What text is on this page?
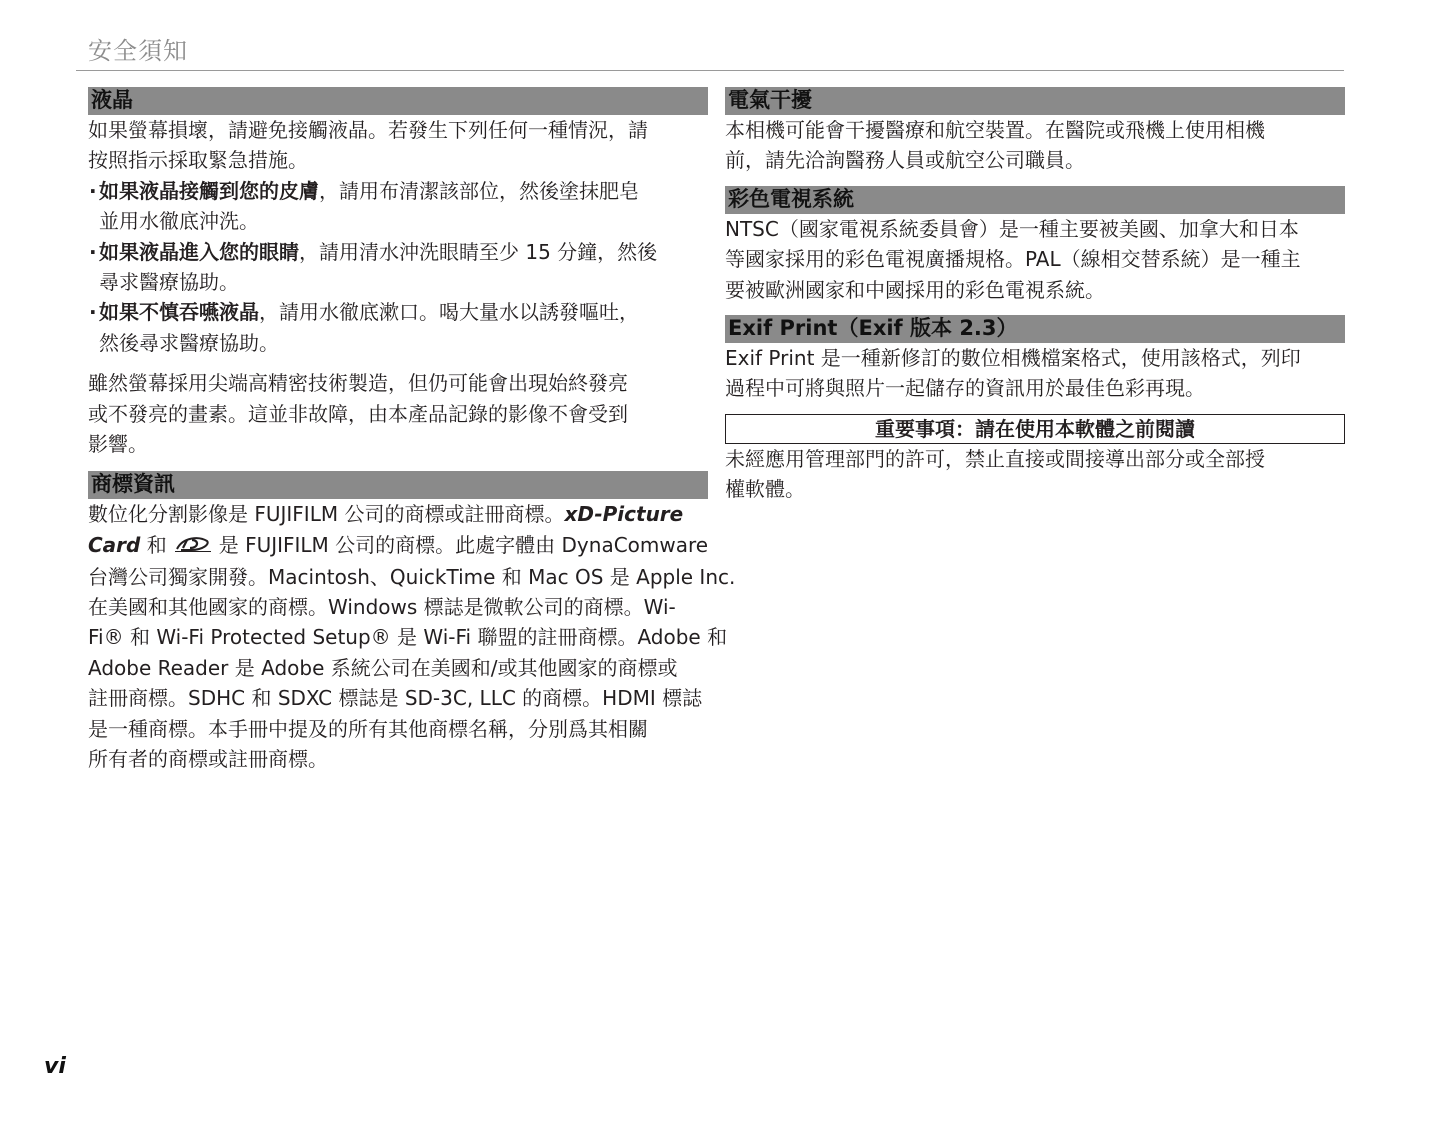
安全須知
液晶

如果螢幕損壞，請避免接觸液晶。若發生下列任何一種情況，請
按照指示採取緊急措施。

· 如果液晶接觸到您的皮膚，請用布清潔該部位，然後塗抹肥皂
並用水徹底沖洗。
· 如果液晶進入您的眼睛，請用清水沖洗眼睛至少 15 分鐘，然後
尋求醫療協助。
· 如果不慎吞嚥液晶，請用水徹底漱口。喝大量水以誘發嘔吐，
然後尋求醫療協助。

雖然螢幕採用尖端高精密技術製造，但仍可能會出現始終發亮
或不發亮的畫素。這並非故障，由本產品記錄的影像不會受到
影響。

商標資訊

數位化分割影像是 FUJIFILM 公司的商標或註冊商標。xD-Picture
Card 和	是 FUJIFILM 公司的商標。此處字體由 DynaComware
台灣公司獨家開發。Macintosh、QuickTime 和 Mac OS 是 Apple Inc.
在美國和其他國家的商標。Windows 標誌是微軟公司的商標。Wi-
Fi® 和 Wi-Fi Protected Setup® 是 Wi-Fi 聯盟的註冊商標。Adobe 和
Adobe Reader 是 Adobe 系統公司在美國和/或其他國家的商標或
註冊商標。SDHC 和 SDXC 標誌是 SD-3C, LLC 的商標。HDMI 標誌
是一種商標。本手冊中提及的所有其他商標名稱，分別爲其相關
所有者的商標或註冊商標。

電氣干擾

本相機可能會干擾醫療和航空裝置。在醫院或飛機上使用相機
前，請先洽詢醫務人員或航空公司職員。

彩色電視系統

NTSC（國家電視系統委員會）是一種主要被美國、加拿大和日本
等國家採用的彩色電視廣播規格。PAL（線相交替系統）是一種主
要被歐洲國家和中國採用的彩色電視系統。

Exif Print（Exif 版本 2.3）

Exif Print 是一種新修訂的數位相機檔案格式，使用該格式，列印
過程中可將與照片一起儲存的資訊用於最佳色彩再現。

重要事項：請在使用本軟體之前閱讀

未經應用管理部門的許可，禁止直接或間接導出部分或全部授
權軟體。

vi
